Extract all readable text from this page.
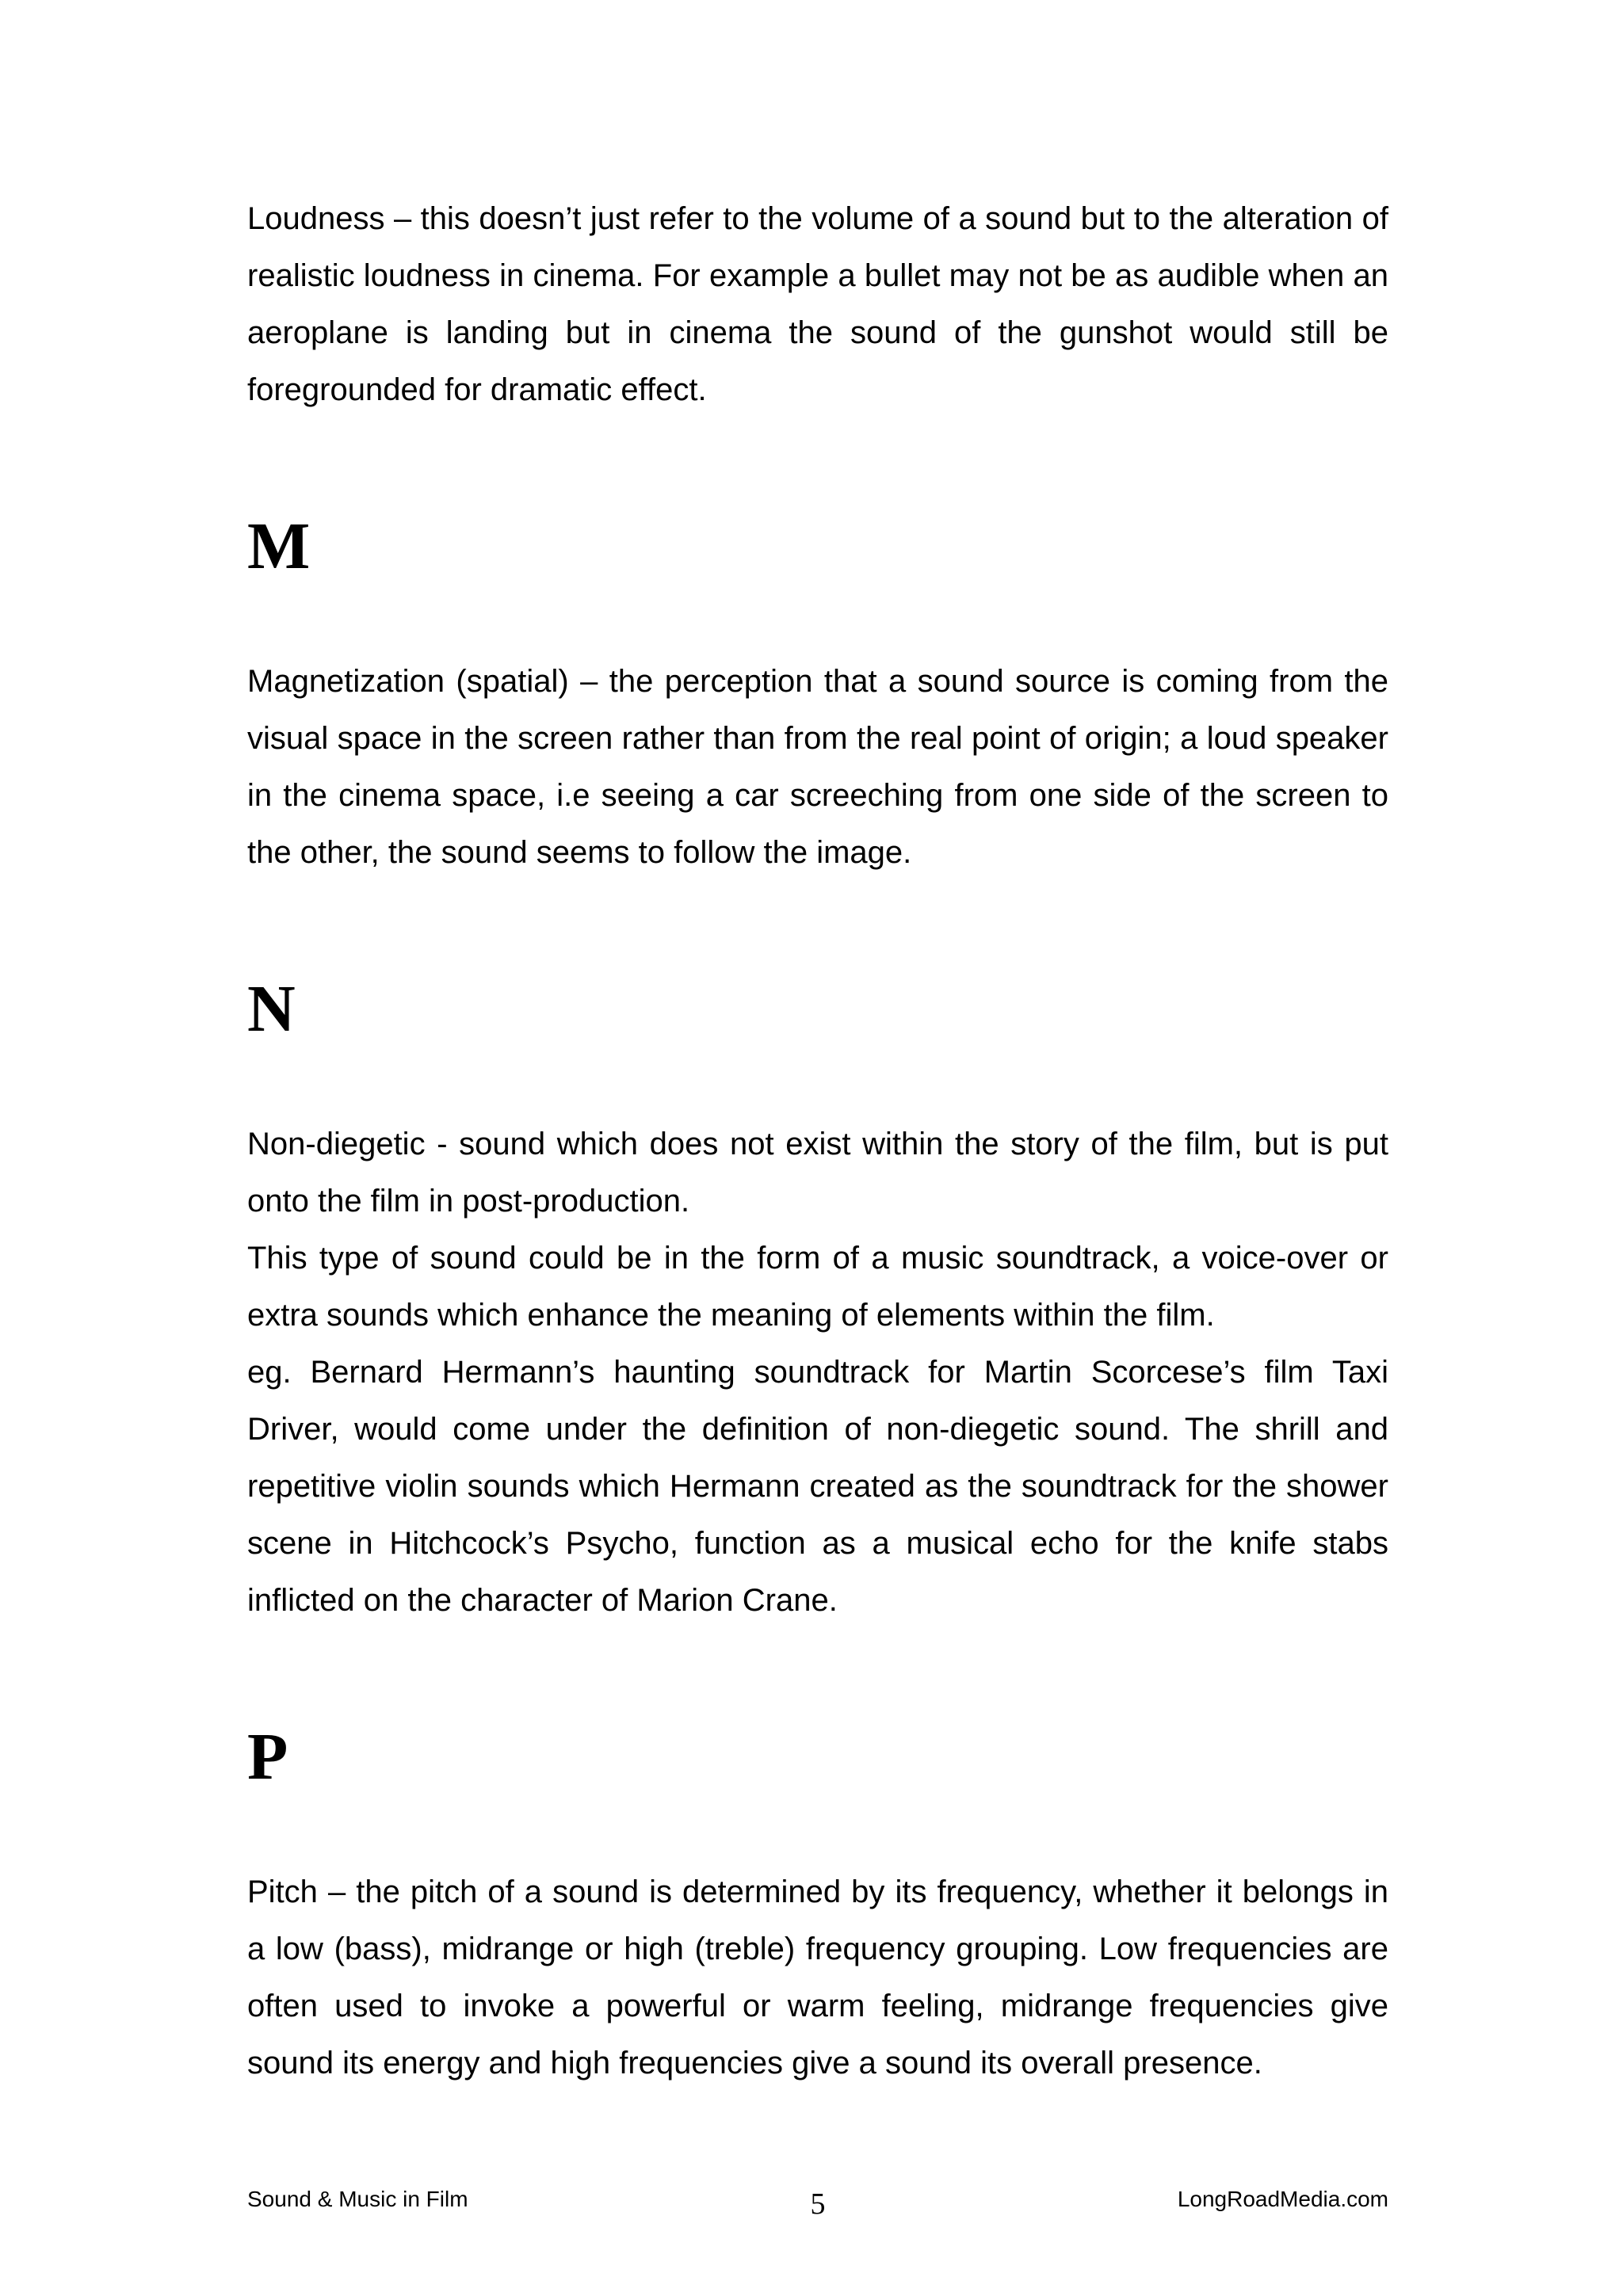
Loudness – this doesn’t just refer to the volume of a sound but to the alteration of realistic loudness in cinema. For example a bullet may not be as audible when an aeroplane is landing but in cinema the sound of the gunshot would still be foregrounded for dramatic effect.

M

Magnetization (spatial) – the perception that a sound source is coming from the visual space in the screen rather than from the real point of origin; a loud speaker in the cinema space, i.e seeing a car screeching from one side of the screen to the other, the sound seems to follow the image.

N

Non-diegetic - sound which does not exist within the story of the film, but is put onto the film in post-production.

This type of sound could be in the form of a music soundtrack, a voice-over or extra sounds which enhance the meaning of elements within the film.

eg. Bernard Hermann’s haunting soundtrack for Martin Scorcese’s film Taxi Driver, would come under the definition of non-diegetic sound. The shrill and repetitive violin sounds which Hermann created as the soundtrack for the shower scene in Hitchcock’s Psycho, function as a musical echo for the knife stabs inflicted on the character of Marion Crane.

P

Pitch – the pitch of a sound is determined by its frequency, whether it belongs in a low (bass), midrange or high (treble) frequency grouping. Low frequencies are often used to invoke a powerful or warm feeling, midrange frequencies give sound its energy and high frequencies give a sound its overall presence.

Sound & Music in Film	5	LongRoadMedia.com
